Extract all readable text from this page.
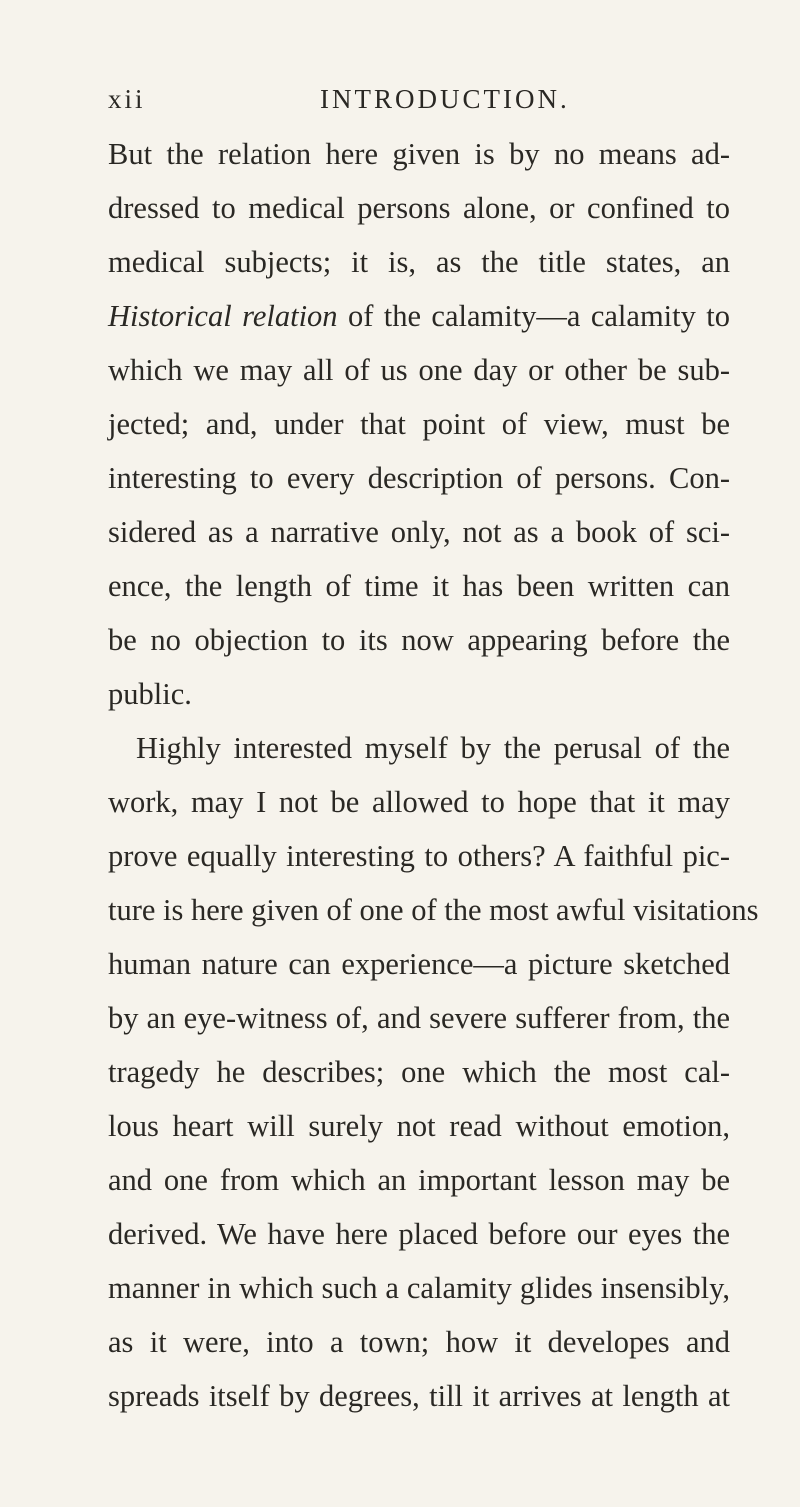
xii	INTRODUCTION.
But the relation here given is by no means ad-
dressed to medical persons alone, or confined to
medical subjects; it is, as the title states, an
Historical relation of the calamity—a calamity to
which we may all of us one day or other be sub-
jected; and, under that point of view, must be
interesting to every description of persons. Con-
sidered as a narrative only, not as a book of sci-
ence, the length of time it has been written can
be no objection to its now appearing before the
public.
Highly interested myself by the perusal of the
work, may I not be allowed to hope that it may
prove equally interesting to others? A faithful pic-
ture is here given of one of the most awful visitations
human nature can experience—a picture sketched
by an eye-witness of, and severe sufferer from, the
tragedy he describes; one which the most cal-
lous heart will surely not read without emotion,
and one from which an important lesson may be
derived. We have here placed before our eyes the
manner in which such a calamity glides insensibly,
as it were, into a town; how it developes and
spreads itself by degrees, till it arrives at length at
